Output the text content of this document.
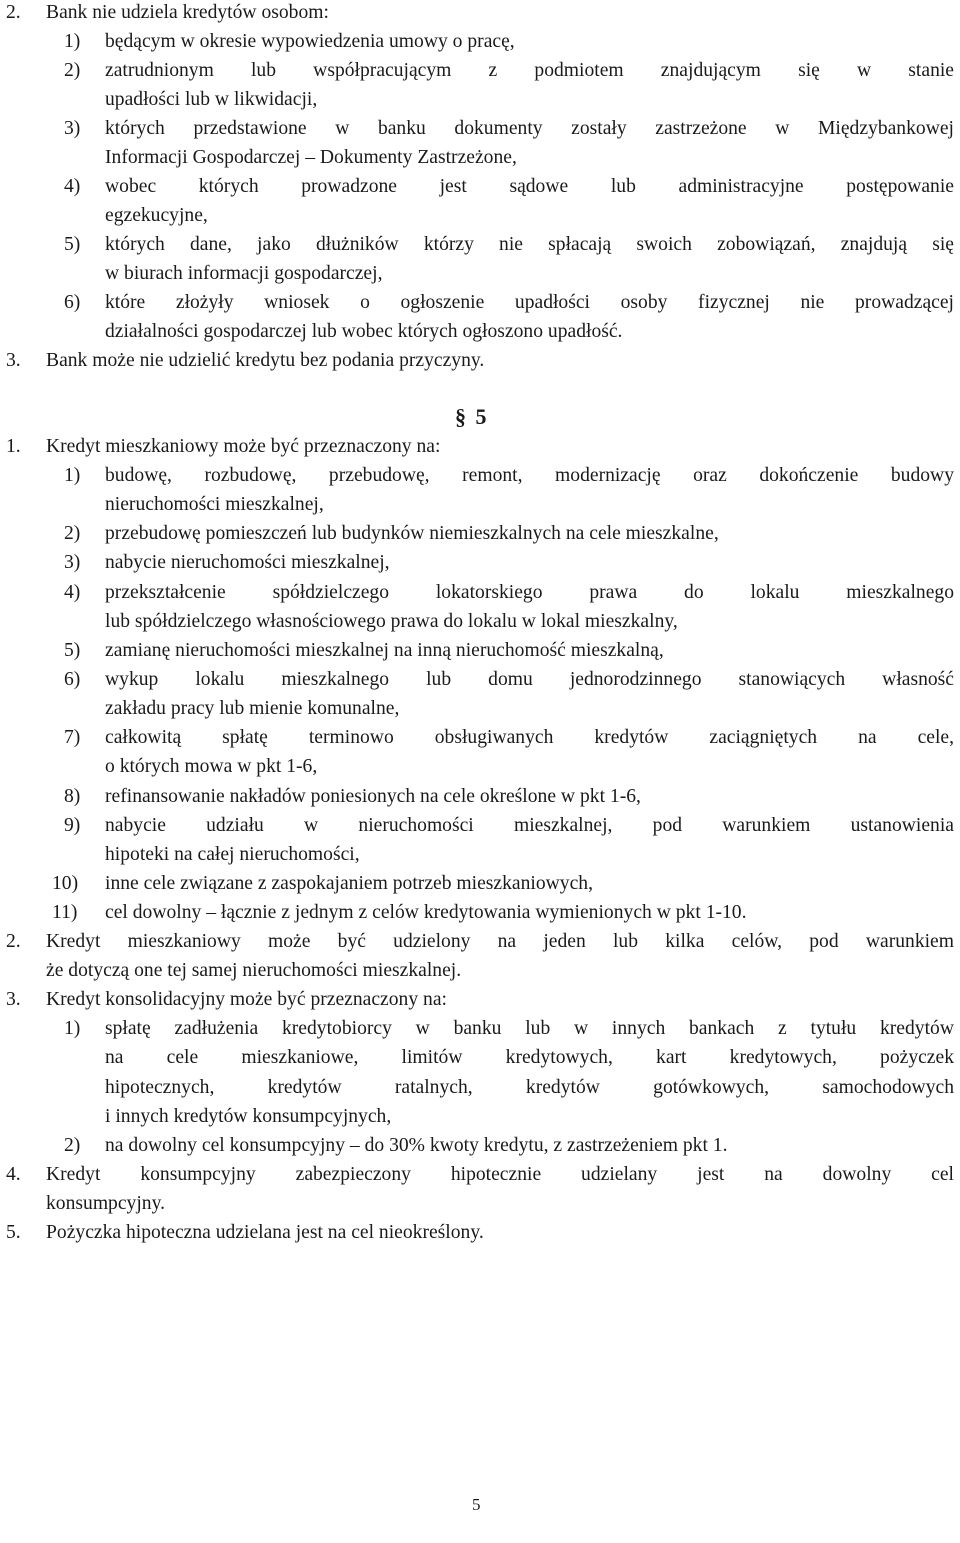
2. Bank nie udziela kredytów osobom:
1) będącym w okresie wypowiedzenia umowy o pracę,
2) zatrudnionym lub współpracującym z podmiotem znajdującym się w stanie
upadłości lub w likwidacji,
3) których przedstawione w banku dokumenty zostały zastrzeżone w Międzybankowej
Informacji Gospodarczej – Dokumenty Zastrzeżone,
4) wobec których prowadzone jest sądowe lub administracyjne postępowanie
egzekucyjne,
5) których dane, jako dłużników którzy nie spłacają swoich zobowiązań, znajdują się
w biurach informacji gospodarczej,
6) które złożyły wniosek o ogłoszenie upadłości osoby fizycznej nie prowadzącej
działalności gospodarczej lub wobec których ogłoszono upadłość.
3. Bank może nie udzielić kredytu bez podania przyczyny.
§ 5
1. Kredyt mieszkaniowy może być przeznaczony na:
1) budowę, rozbudowę, przebudowę, remont, modernizację oraz dokończenie budowy
nieruchomości mieszkalnej,
2) przebudowę pomieszczeń lub budynków niemieszkalnych na cele mieszkalne,
3) nabycie nieruchomości mieszkalnej,
4) przekształcenie spółdzielczego lokatorskiego prawa do lokalu mieszkalnego
lub spółdzielczego własnościowego prawa do lokalu w lokal mieszkalny,
5) zamianę nieruchomości mieszkalnej na inną nieruchomość mieszkalną,
6) wykup lokalu mieszkalnego lub domu jednorodzinnego stanowiących własność
zakładu pracy lub mienie komunalne,
7) całkowitą spłatę terminowo obsługiwanych kredytów zaciągniętych na cele,
o których mowa w pkt 1-6,
8) refinansowanie nakładów poniesionych na cele określone w pkt 1-6,
9) nabycie udziału w nieruchomości mieszkalnej, pod warunkiem ustanowienia
hipoteki na całej nieruchomości,
10) inne cele związane z zaspokajaniem potrzeb mieszkaniowych,
11) cel dowolny – łącznie z jednym z celów kredytowania wymienionych w pkt 1-10.
2. Kredyt mieszkaniowy może być udzielony na jeden lub kilka celów, pod warunkiem
że dotyczą one tej samej nieruchomości mieszkalnej.
3. Kredyt konsolidacyjny może być przeznaczony na:
1) spłatę zadłużenia kredytobiorcy w banku lub w innych bankach z tytułu kredytów
na cele mieszkaniowe, limitów kredytowych, kart kredytowych, pożyczek
hipotecznych, kredytów ratalnych, kredytów gotówkowych, samochodowych
i innych kredytów konsumpcyjnych,
2) na dowolny cel konsumpcyjny – do 30% kwoty kredytu, z zastrzeżeniem pkt 1.
4. Kredyt konsumpcyjny zabezpieczony hipotecznie udzielany jest na dowolny cel
konsumpcyjny.
5. Pożyczka hipoteczna udzielana jest na cel nieokreślony.
5
